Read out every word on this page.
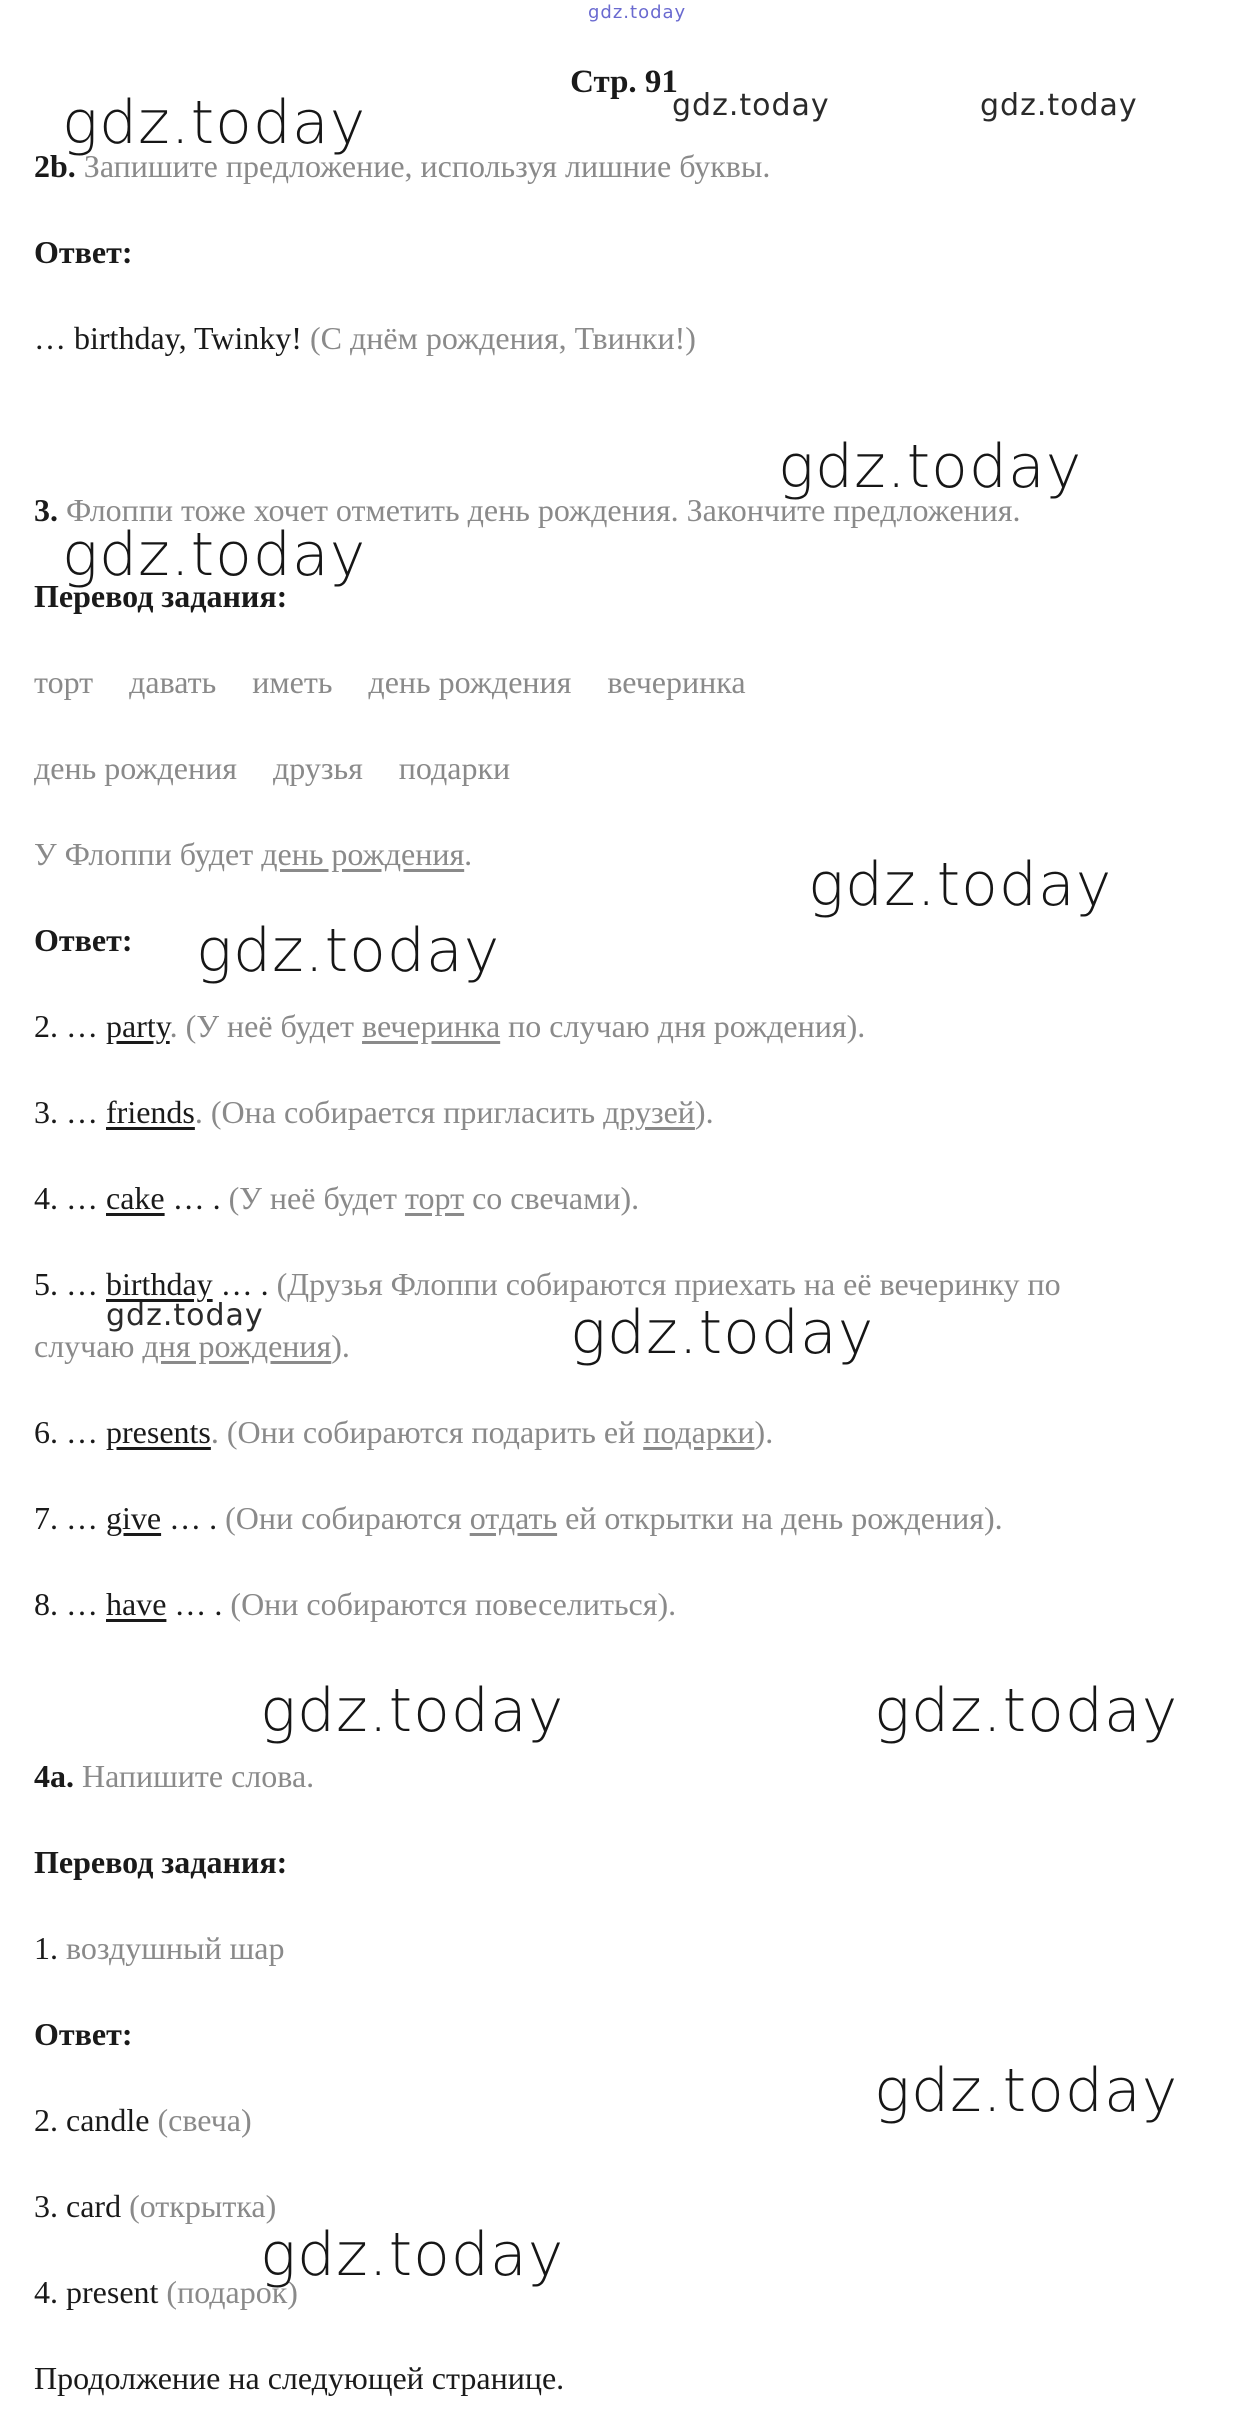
gdz.today
Стр. 91
2b. Запишите предложение, используя лишние буквы.
Ответ:
… birthday, Twinky! (С днём рождения, Твинки!)
3. Флоппи тоже хочет отметить день рождения. Закончите предложения.
Перевод задания:
торт давать иметь день рождения вечеринка
день рождения друзья подарки
У Флоппи будет день рождения.
Ответ:
2. … party. (У неё будет вечеринка по случаю дня рождения).
3. … friends. (Она собирается пригласить друзей).
4. … cake … . (У неё будет торт со свечами).
5. … birthday … . (Друзья Флоппи собираются приехать на её вечеринку по
случаю дня рождения).
6. … presents. (Они собираются подарить ей подарки).
7. … give … . (Они собираются отдать ей открытки на день рождения).
8. … have … . (Они собираются повеселиться).
4a. Напишите слова.
Перевод задания:
1. воздушный шар
Ответ:
2. candle (свеча)
3. card (открытка)
4. present (подарок)
Продолжение на следующей странице.
gdz.today	gdz.today
gdz.today
gdz.today
gdz.today
gdz.today
gdz.today
gdz.today	gdz.today
gdz.today	gdz.today
gdz.today
gdz.today
